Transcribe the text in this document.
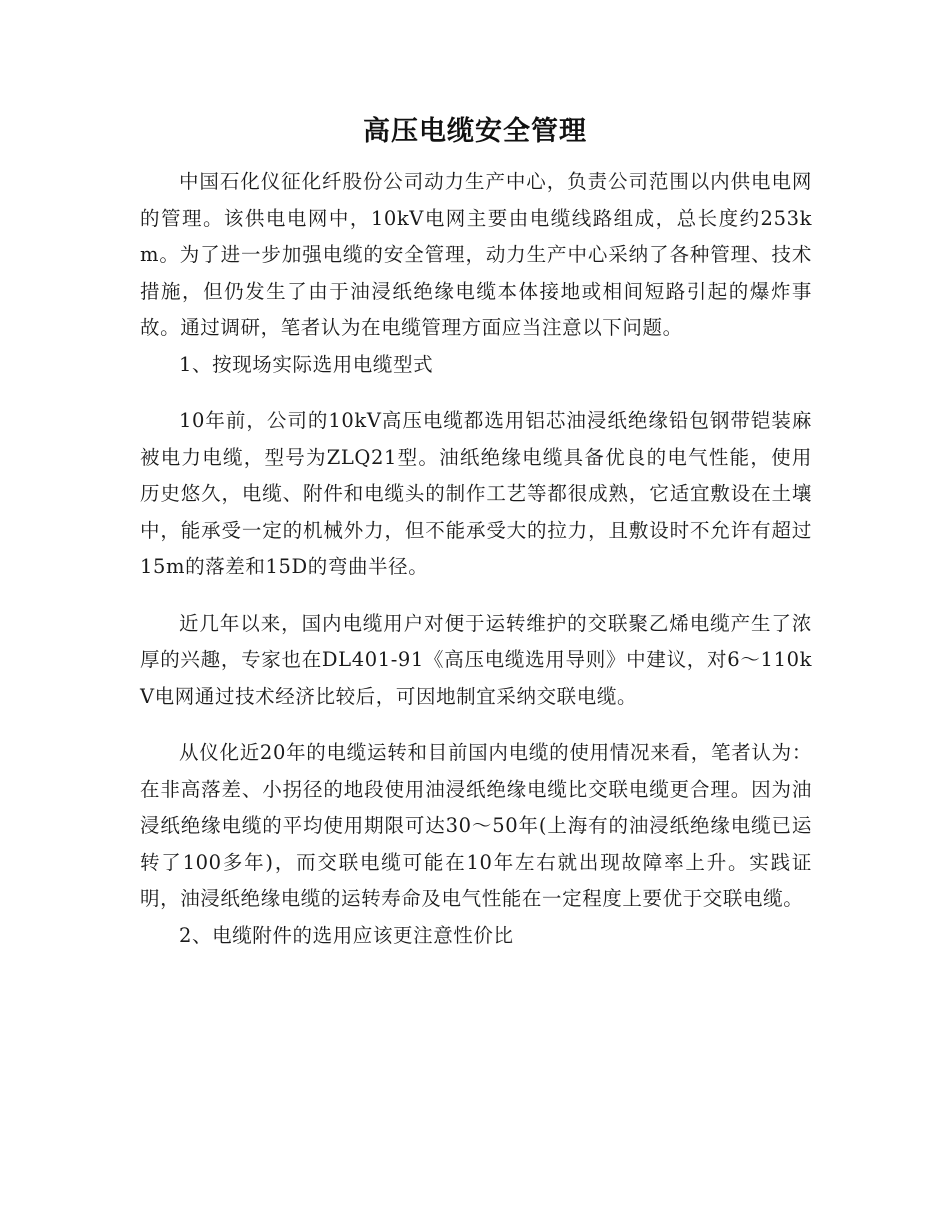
高压电缆安全管理

中国石化仪征化纤股份公司动力生产中心，负责公司范围以内供电电网的管理。该供电电网中，10kV电网主要由电缆线路组成，总长度约253km。为了进一步加强电缆的安全管理，动力生产中心采纳了各种管理、技术措施，但仍发生了由于油浸纸绝缘电缆本体接地或相间短路引起的爆炸事故。通过调研，笔者认为在电缆管理方面应当注意以下问题。

1、按现场实际选用电缆型式

10年前，公司的10kV高压电缆都选用铝芯油浸纸绝缘铅包钢带铠装麻被电力电缆，型号为ZLQ21型。油纸绝缘电缆具备优良的电气性能，使用历史悠久，电缆、附件和电缆头的制作工艺等都很成熟，它适宜敷设在土壤中，能承受一定的机械外力，但不能承受大的拉力，且敷设时不允许有超过15m的落差和15D的弯曲半径。

近几年以来，国内电缆用户对便于运转维护的交联聚乙烯电缆产生了浓厚的兴趣，专家也在DL401-91《高压电缆选用导则》中建议，对6～110kV电网通过技术经济比较后，可因地制宜采纳交联电缆。

从仪化近20年的电缆运转和目前国内电缆的使用情况来看，笔者认为：在非高落差、小拐径的地段使用油浸纸绝缘电缆比交联电缆更合理。因为油浸纸绝缘电缆的平均使用期限可达30～50年(上海有的油浸纸绝缘电缆已运转了100多年)，而交联电缆可能在10年左右就出现故障率上升。实践证明，油浸纸绝缘电缆的运转寿命及电气性能在一定程度上要优于交联电缆。

2、电缆附件的选用应该更注意性价比
